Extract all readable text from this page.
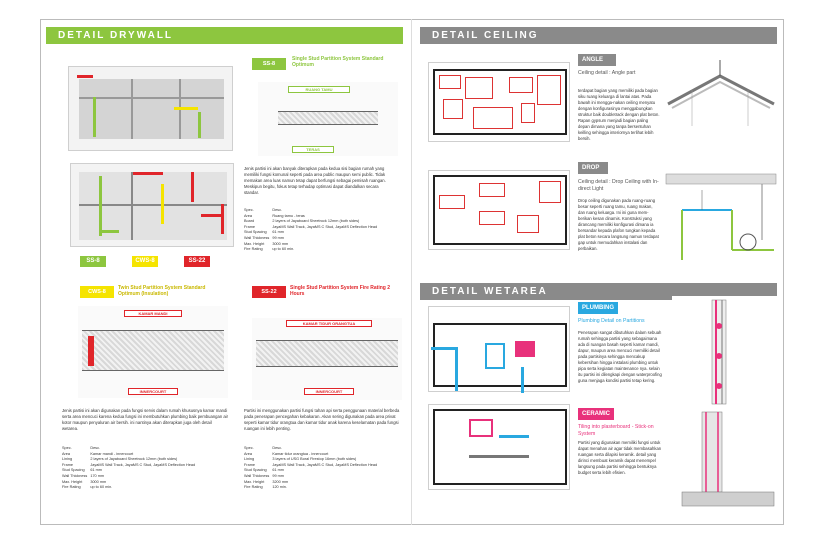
DETAIL DRYWALL
SS-8	CWS-8	SS-22
SS-8
Single Stud Partition System Standard Optimum
RUANG TAMU
TERAS
Jenis partisi ini akan banyak diterapkan pada kedua sisi bagian rumah yang memiliki fungsi komunal seperti pada area public maupun semi public. Tidak memakan area luas namun tetap dapat berfungsi sebagai pemisah ruangan. Meskipun begitu, fokus tetap terhadap optimasi dapat diandalkan secara standar.
Spec.	Desc.
Area	Ruang tamu - teras
Board	2 layers of Jayaboard Sheetrock 12mm (both sides)
Frame	JayaMS Wall Track, JayaMS C Stud, JayaMS Deflection Head
Stud Spacing	61 mm
Wall Thickness	99 mm
Max. Height	3000 mm
Fire Rating	up to 60 min.
CWS-8
Twin Stud Partition System Standard Optimum (Insulation)
KAMAR MANDI
INNERCOURT
Jenis partisi ini akan digunakan pada fungsi servis dalam rumah khususnya kamar mandi serta area mencuci karena kedua fungsi ini membutuhkan plumbing baik pembuangan air kotor maupun penyaluran air bersih. ini nantinya akan diterapkan juga oleh detail wetarea.
Spec.	Desc.
Area	Kamar mandi - innercourt
Lining	2 layers of Jayaboard Sheetrock 12mm (both sides)
Frame	JayaMS Wall Track, JayaMS C Stud, JayaMS Deflection Head
Stud Spacing	61 mm
Wall Thickness	170 mm
Max. Height	3000 mm
Fire Rating	up to 60 min.
SS-22
Single Stud Partition System Fire Rating 2 Hours
KAMAR TIDUR ORANGTUA
INNERCOURT
Partisi ini menggunakan partisi fungsi tahan api serta penggunaan material berbeda pada penerapan pencegahan kebakaran. Akan sering digunakan pada area privat seperti kamar tidur orangtua dan kamar tidur anak karena keselamatan pada fungsi ruangan ini lebih penting.
Spec.	Desc.
Area	Kamar tidur orangtua - innercourt
Lining	3 layers of USG Boral Firestop 16mm (both sides)
Frame	JayaMS Wall Track, JayaMS C Stud, JayaMS Deflection Head
Stud Spacing	61 mm
Wall Thickness	99 mm
Max. Height	3200 mm
Fire Rating	120 min.
DETAIL CEILING
ANGLE
Ceiling detail : Angle part
terdapat bagian yang memiliki pada bagian siku ruang keluarga di lantai atas. Pada bawah ini mengga-nakan ceiling menyatu dengan konfigurasinya menggabungkan struktur baik doubletrack dengan plat beton. Rapan gypsum menjadi bagian paling depan dimana yang tanpa bersentuhan keilling sehingga interiornya terlihat lebih bersih.
DROP
Ceiling detail : Drop Ceiling with In-direct Light
Drop ceiling digunakan pada ruang-ruang besar seperti ruang tamu, ruang makan, dan ruang keluarga. Ini ini guna mem-berikan kesan dinamis. Konstruksi yang dirancang memiliki konfigurasi dimana ia bersandar kepada plafon tungkan kepada plat beton secara langsung namun terdapat gap untuk memudahkan instalasi dan perbaikan.
DETAIL WETAREA
PLUMBING
Plumbing Detail on Partitions
Penerapan sangat dibutuhkan dalam sebuah rumah sehingga partisi yang sebagaimana ada di ruangan basah seperti kamar mandi, dapur, maupun area mencuci memiliki detail pada partisinya sehingga mencakup kebersihan hingga instalasi plumbing untuk pipa serta kegiatan maintenance nya. selain itu partisi ini dilengkapi dengan waterproofing guna menjaga kondisi partisi tetap kering.
CERAMIC
Tiling into plasterboard - Stick-on System
Partisi yang digunakan memiliki fungsi untuk dapat menahan air agar tidak membasahkan ruangan serta dilapisi keramik. detail yang dirinci membuat keramik dapat menempel langsung pada partisi sehingga bentuknya budget serta lebih efisien.
